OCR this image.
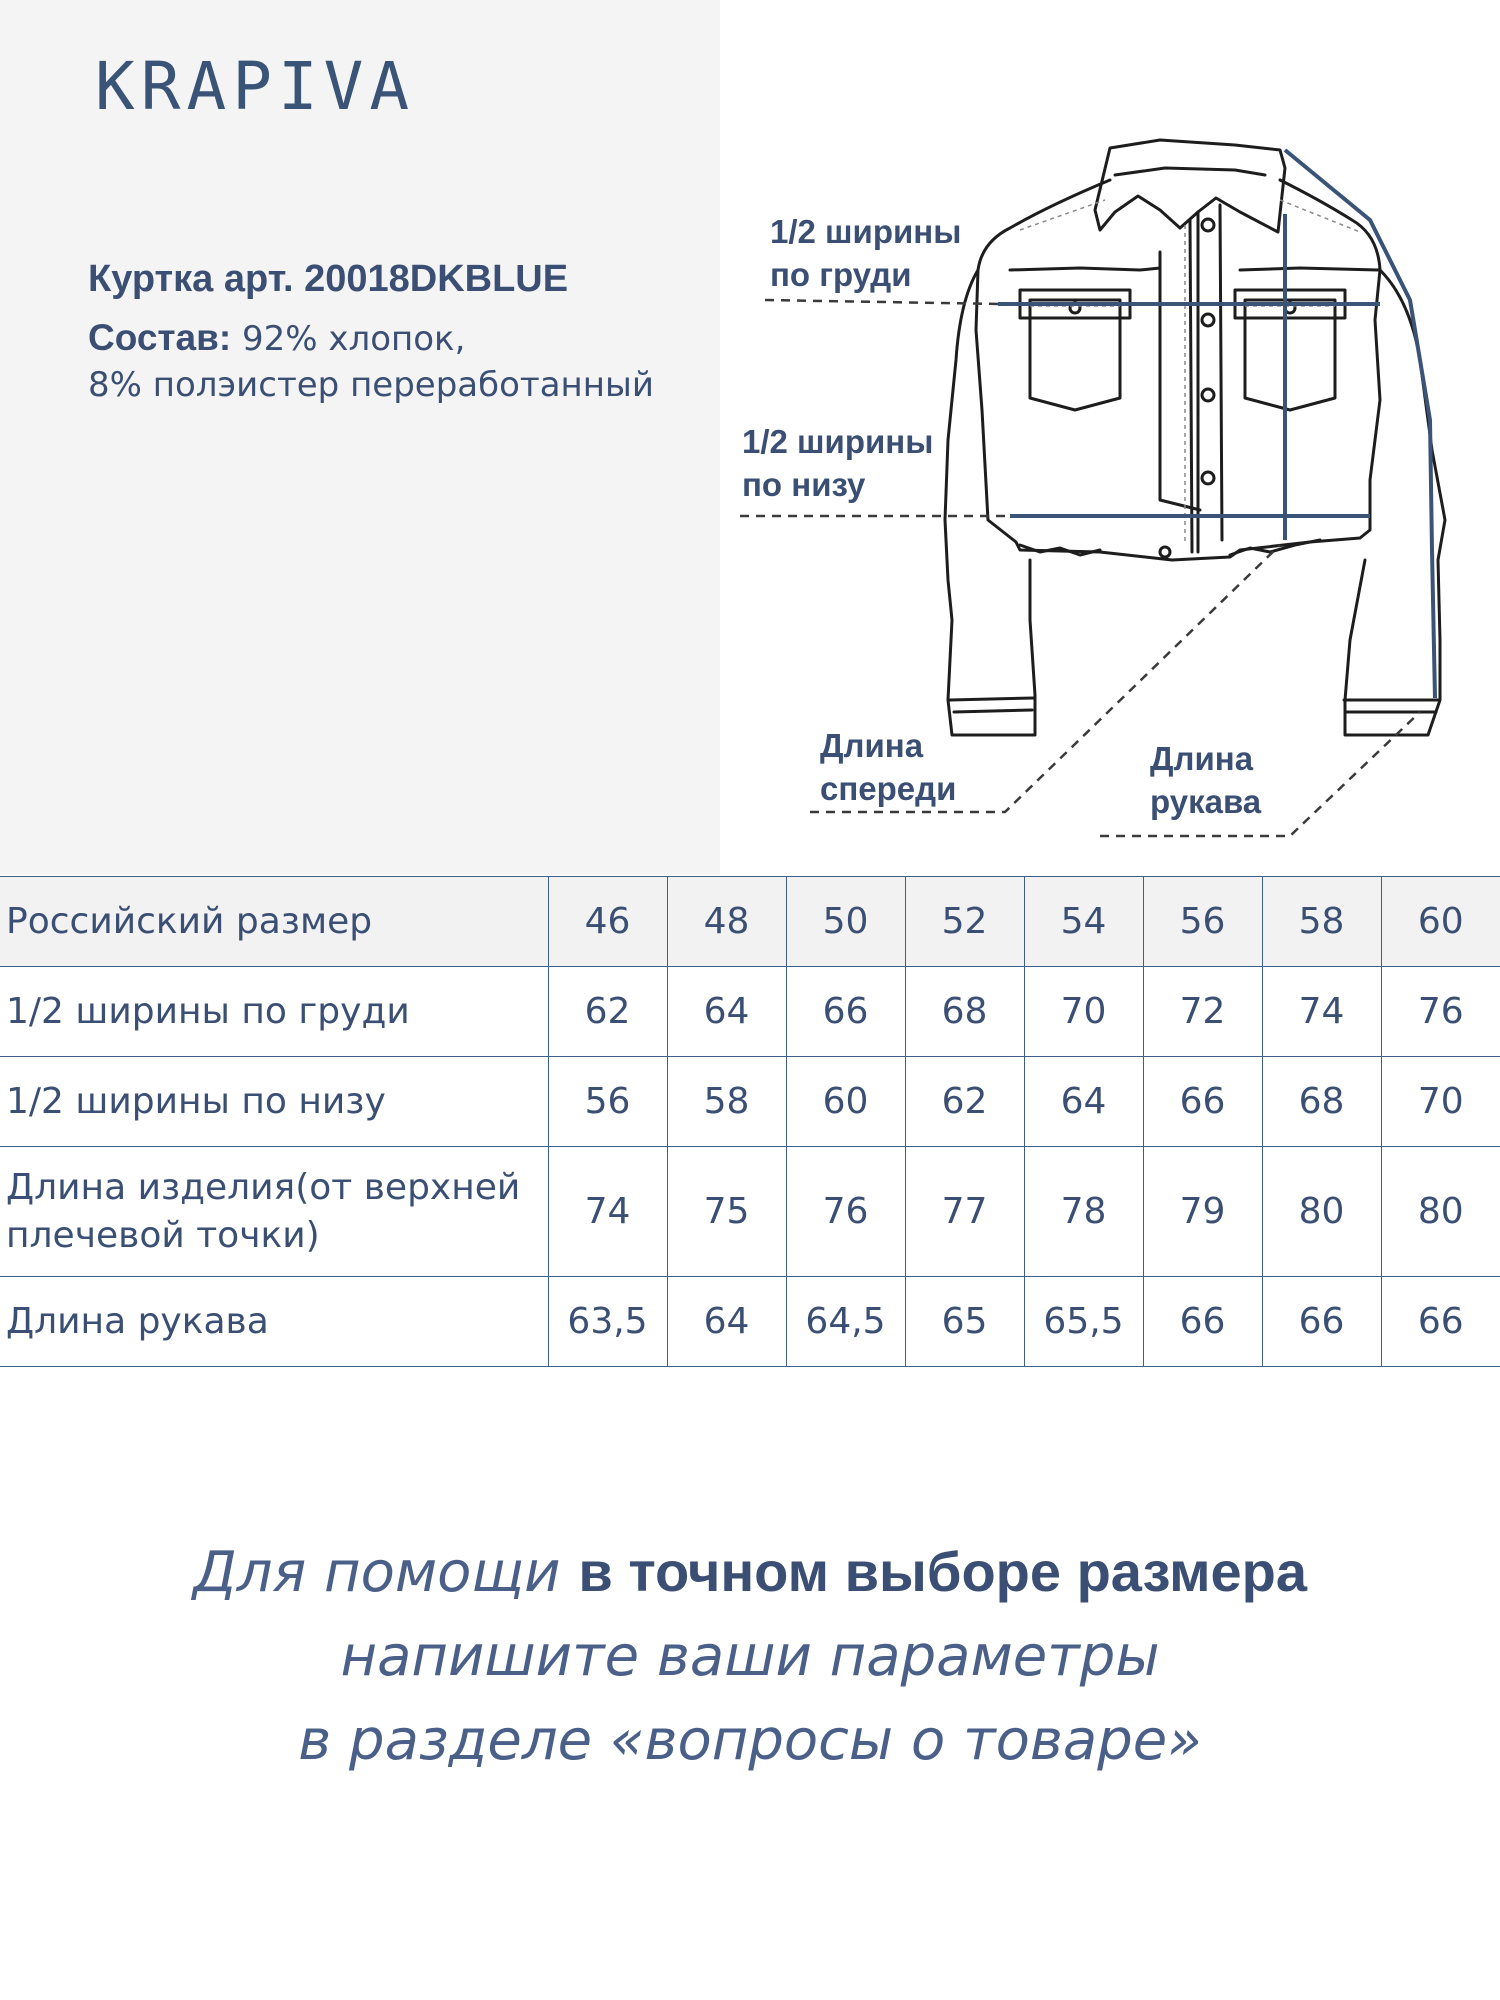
KRAPIVA
Куртка арт. 20018DKBLUE
Состав: 92% хлопок,
8% полэистер переработанный
1/2 ширины
по груди
1/2 ширины
по низу
Длина
спереди
Длина
рукава
Российский размер	46	48	50	52	54	56	58	60
1/2 ширины по груди	62	64	66	68	70	72	74	76
1/2 ширины по низу	56	58	60	62	64	66	68	70
Длина изделия(от верхней
плечевой точки)	74	75	76	77	78	79	80	80
Длина рукава	63,5	64	64,5	65	65,5	66	66	66
Для помощи в точном выборе размера
напишите ваши параметры
в разделе «вопросы о товаре»
